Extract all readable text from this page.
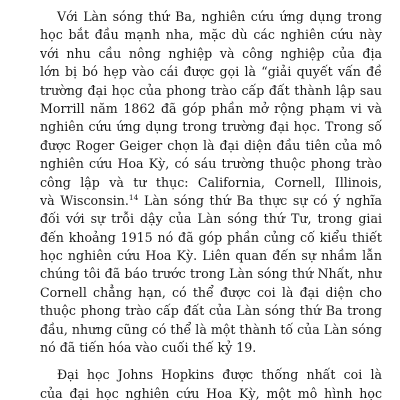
Với Làn sóng thứ Ba, nghiên cứu ứng dụng trong
học bắt đầu mạnh nha, mặc dù các nghiên cứu này
với nhu cầu nông nghiệp và công nghiệp của địa
lớn bị bó hẹp vào cái được gọi là “giải quyết vấn đề
trường đại học của phong trào cấp đất thành lập sau
Morrill năm 1862 đã góp phần mở rộng phạm vi và
nghiên cứu ứng dụng trong trường đại học. Trong số
được Roger Geiger chọn là đại diện đầu tiên của mô
nghiên cứu Hoa Kỳ, có sáu trường thuộc phong trào
công lập và tư thục: California, Cornell, Illinois,
và Wisconsin.$^{14}$ Làn sóng thứ Ba thực sự có ý nghĩa
đối với sự trỗi dậy của Làn sóng thứ Tư, trong giai
đến khoảng 1915 nó đã góp phần củng cố kiểu thiết
học nghiên cứu Hoa Kỳ. Liên quan đến sự nhầm lẫn
chúng tôi đã báo trước trong Làn sóng thứ Nhất, như
Cornell chẳng hạn, có thể được coi là đại diện cho
thuộc phong trào cấp đất của Làn sóng thứ Ba trong
đầu, nhưng cũng có thể là một thành tố của Làn sóng
nó đã tiến hóa vào cuối thế kỷ 19.
Đại học Johns Hopkins được thống nhất coi là
của đại học nghiên cứu Hoa Kỳ, một mô hình học
